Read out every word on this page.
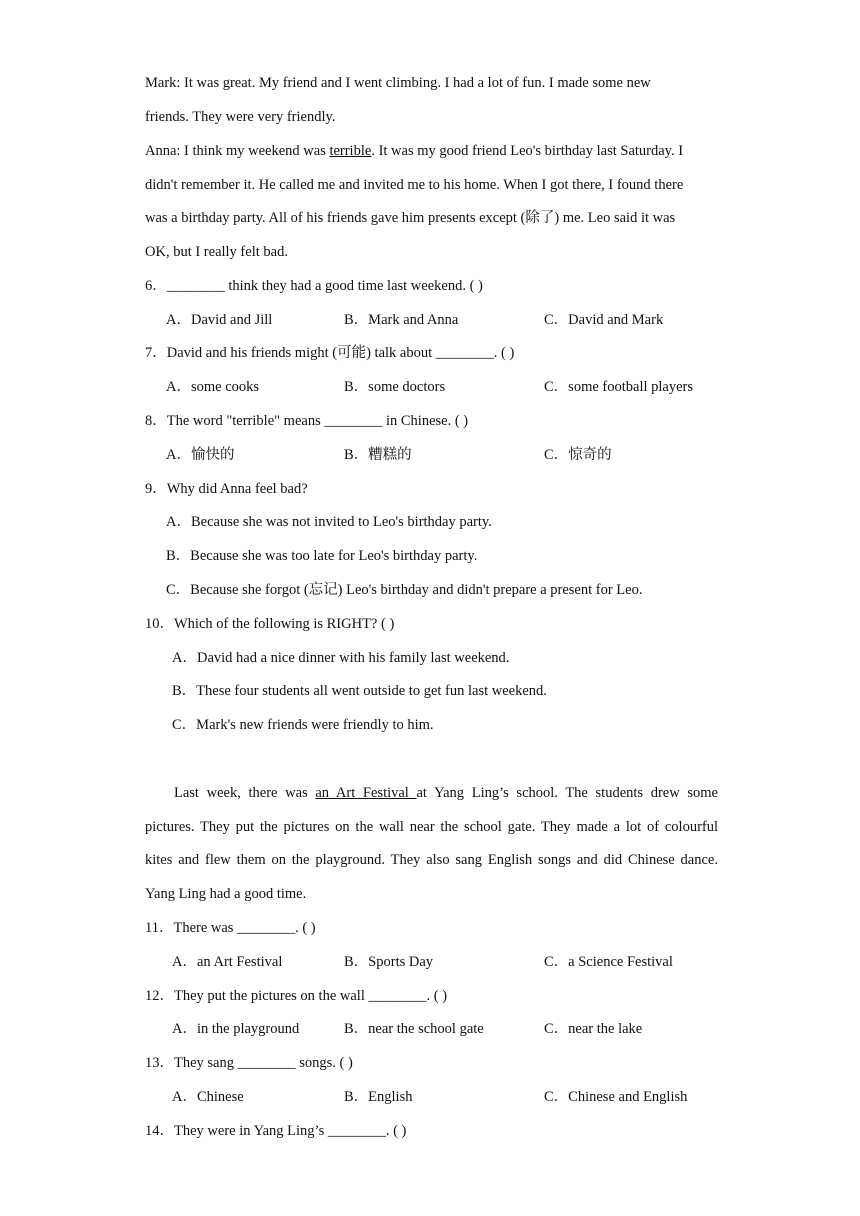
Mark: It was great. My friend and I went climbing. I had a lot of fun. I made some new
friends. They were very friendly.
Anna: I think my weekend was terrible. It was my good friend Leo's birthday last Saturday. I
didn't remember it. He called me and invited me to his home. When I got there, I found there
was a birthday party. All of his friends gave him presents except (除了) me. Leo said it was
OK, but I really felt bad.
6．________ think they had a good time last weekend. ( )
A．David and Jill	B．Mark and Anna	C．David and Mark
7．David and his friends might (可能) talk about ________. ( )
A．some cooks	B．some doctors	C．some football players
8．The word "terrible" means ________ in Chinese. ( )
A．愉快的	B．糟糕的	C．惊奇的
9．Why did Anna feel bad?
A．Because she was not invited to Leo's birthday party.
B．Because she was too late for Leo's birthday party.
C．Because she forgot (忘记) Leo's birthday and didn't prepare a present for Leo.
10．Which of the following is RIGHT? ( )
A．David had a nice dinner with his family last weekend.
B．These four students all went outside to get fun last weekend.
C．Mark's new friends were friendly to him.
Last week, there was an Art Festival at Yang Ling’s school. The students drew some
pictures. They put the pictures on the wall near the school gate. They made a lot of colourful
kites and flew them on the playground. They also sang English songs and did Chinese dance.
Yang Ling had a good time.
11．There was ________. ( )
A．an Art Festival	B．Sports Day	C．a Science Festival
12．They put the pictures on the wall ________. ( )
A．in the playground	B．near the school gate	C．near the lake
13．They sang ________ songs. ( )
A．Chinese	B．English	C．Chinese and English
14．They were in Yang Ling’s ________. ( )
